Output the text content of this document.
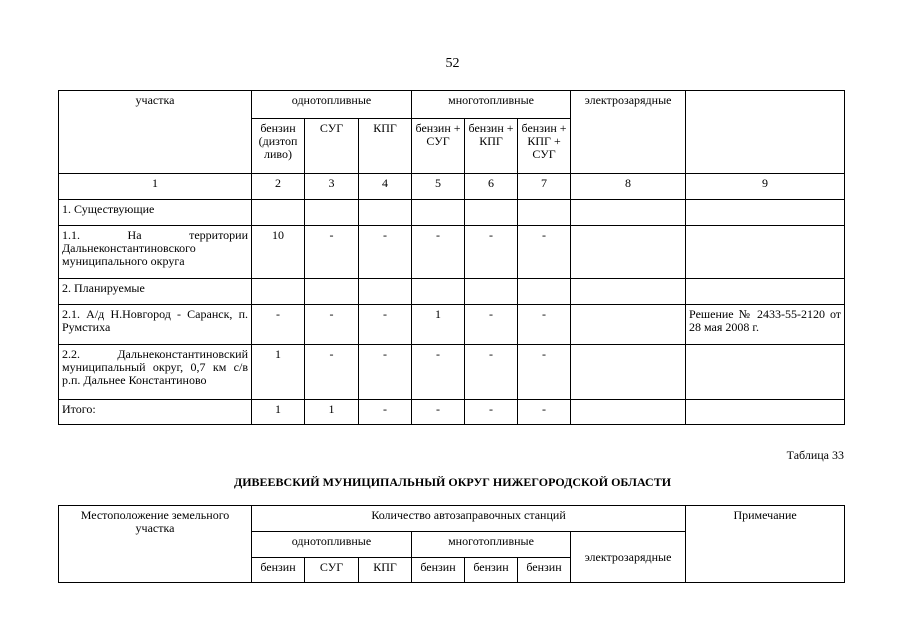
52
участка	однотопливные			многотопливные			электрозарядные	
	бензин (дизтоп ливо)	СУГ	КПГ	бензин + СУГ	бензин + КПГ	бензин + КПГ + СУГ		
1	2	3	4	5	6	7	8	9
1. Существующие								
1.1. На территории Дальнеконстантиновского муниципального округа	10	-	-	-	-	-		
2. Планируемые								
2.1. А/д Н.Новгород - Саранск, п. Румстиха	-	-	-	1	-	-		Решение № 2433-55-2120 от 28 мая 2008 г.
2.2. Дальнеконстантиновский муниципальный округ, 0,7 км с/в р.п. Дальнее Константиново	1	-	-	-	-	-		
Итого:	1	1	-	-	-	-		
Таблица 33
ДИВЕЕВСКИЙ МУНИЦИПАЛЬНЫЙ ОКРУГ НИЖЕГОРОДСКОЙ ОБЛАСТИ
Местоположение земельного участка	Количество автозаправочных станций							Примечание
	однотопливные			многотопливные			электрозарядные	
	бензин	СУГ	КПГ	бензин	бензин	бензин		
